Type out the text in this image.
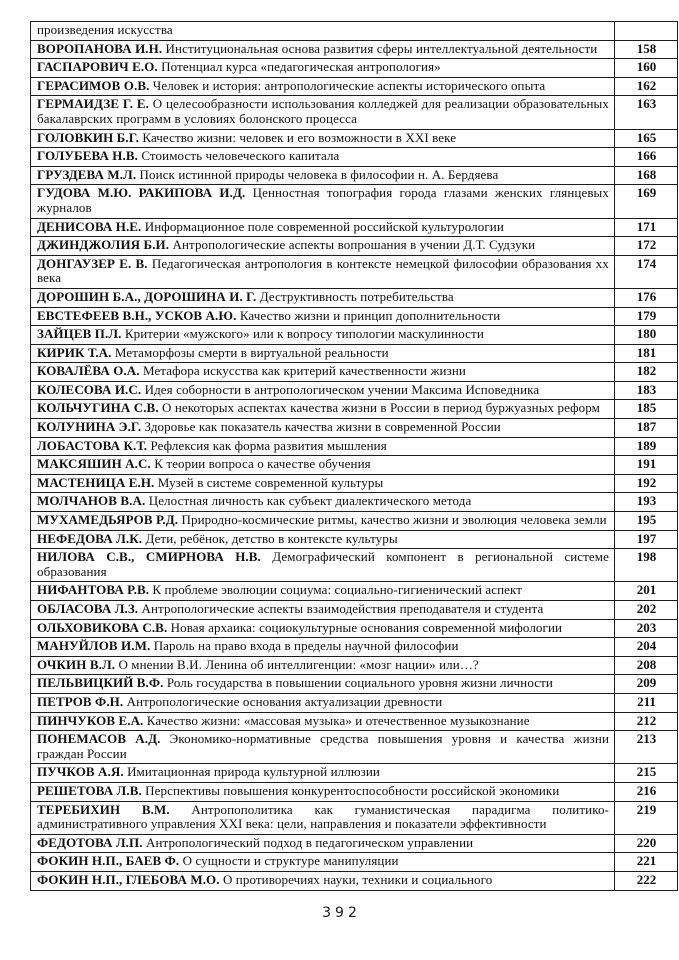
произведения искусства	
ВОРОПАНОВА И.Н. Институциональная основа развития сферы интеллектуальной деятельности	158
ГАСПАРОВИЧ Е.О. Потенциал курса «педагогическая антропология»	160
ГЕРАСИМОВ О.В. Человек и история: антропологические аспекты исторического опыта	162
ГЕРМАИДЗЕ Г. Е. О целесообразности использования колледжей для реализации образовательных бакалаврских программ в условиях болонского процесса	163
ГОЛОВКИН Б.Г. Качество жизни: человек и его возможности в XXI веке	165
ГОЛУБЕВА Н.В. Стоимость человеческого капитала	166
ГРУЗДЕВА М.Л. Поиск истинной природы человека в философии н. А. Бердяева	168
ГУДОВА М.Ю. РАКИПОВА И.Д. Ценностная топография города глазами женских глянцевых журналов	169
ДЕНИСОВА Н.Е. Информационное поле современной российской культурологии	171
ДЖИНДЖОЛИЯ Б.И. Антропологические аспекты вопрошания в учении Д.Т. Судзуки	172
ДОНГАУЗЕР Е. В. Педагогическая антропология в контексте немецкой философии образования xx века	174
ДОРОШИН Б.А., ДОРОШИНА И. Г. Деструктивность потребительства	176
ЕВСТЕФЕЕВ В.Н., УСКОВ А.Ю. Качество жизни и принцип дополнительности	179
ЗАЙЦЕВ П.Л. Критерии «мужского» или к вопросу типологии маскулинности	180
КИРИК Т.А. Метаморфозы смерти в виртуальной реальности	181
КОВАЛЁВА О.А. Метафора искусства как критерий качественности жизни	182
КОЛЕСОВА И.С. Идея соборности в антропологическом учении Максима Исповедника	183
КОЛЬЧУГИНА С.В. О некоторых аспектах качества жизни в России в период буржуазных реформ	185
КОЛУНИНА Э.Г. Здоровье как показатель качества жизни в современной России	187
ЛОБАСТОВА К.Т. Рефлексия как форма развития мышления	189
МАКСЯШИН А.С. К теории вопроса о качестве обучения	191
МАСТЕНИЦА Е.Н. Музей в системе современной культуры	192
МОЛЧАНОВ В.А. Целостная личность как субъект диалектического метода	193
МУХАМЕДЬЯРОВ Р.Д. Природно-космические ритмы, качество жизни и эволюция человека земли	195
НЕФЕДОВА Л.К. Дети, ребёнок, детство в контексте культуры	197
НИЛОВА С.В., СМИРНОВА Н.В. Демографический компонент в региональной системе образования	198
НИФАНТОВА Р.В. К проблеме эволюции социума: социально-гигиенический аспект	201
ОБЛАСОВА Л.З. Антропологические аспекты взаимодействия преподавателя и студента	202
ОЛЬХОВИКОВА С.В. Новая архаика: социокультурные основания современной мифологии	203
МАНУЙЛОВ И.М. Пароль на право входа в пределы научной философии	204
ОЧКИН В.Л. О мнении В.И. Ленина об интеллигенции: «мозг нации» или…?	208
ПЕЛЬВИЦКИЙ В.Ф. Роль государства в повышении социального уровня жизни личности	209
ПЕТРОВ Ф.Н. Антропологические основания актуализации древности	211
ПИНЧУКОВ Е.А. Качество жизни: «массовая музыка» и отечественное музыкознание	212
ПОНЕМАСОВ А.Д. Экономико-нормативные средства повышения уровня и качества жизни граждан России	213
ПУЧКОВ А.Я. Имитационная природа культурной иллюзии	215
РЕШЕТОВА Л.В. Перспективы повышения конкурентоспособности российской экономики	216
ТЕРЕБИХИН В.М. Антропополитика как гуманистическая парадигма политико-административного управления XXI века: цели, направления и показатели эффективности	219
ФЕДОТОВА Л.П. Антропологический подход в педагогическом управлении	220
ФОКИН Н.П., БАЕВ Ф. О сущности и структуре манипуляции	221
ФОКИН Н.П., ГЛЕБОВА М.О. О противоречиях науки, техники и социального	222
392
